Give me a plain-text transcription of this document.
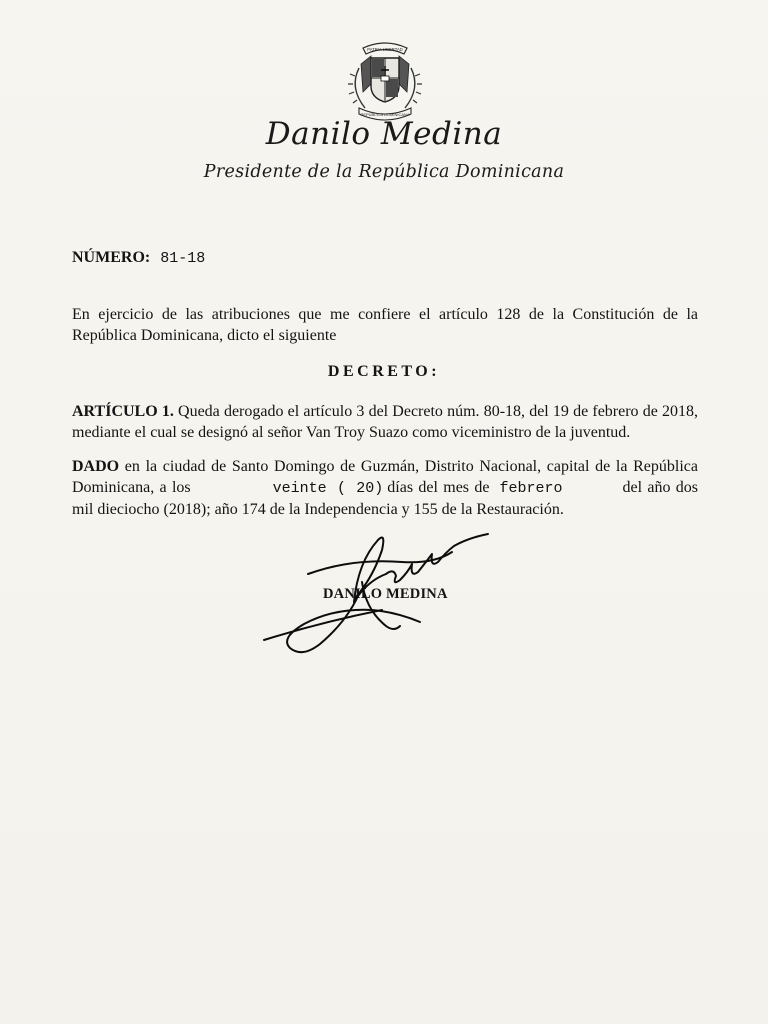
PATRIA LIBERTAD
REPÚBLICA DOMINICANA
Danilo Medina
Presidente de la República Dominicana
NÚMERO: 81-18
En ejercicio de las atribuciones que me confiere el artículo 128 de la Constitución de la República Dominicana, dicto el siguiente
DECRETO:
ARTÍCULO 1. Queda derogado el artículo 3 del Decreto núm. 80-18, del 19 de febrero de 2018, mediante el cual se designó al señor Van Troy Suazo como viceministro de la juventud.
DADO en la ciudad de Santo Domingo de Guzmán, Distrito Nacional, capital de la República Dominicana, a los	veinte ( 20) días del mes de febrero	del año dos mil dieciocho (2018); año 174 de la Independencia y 155 de la Restauración.
DANILO MEDINA
